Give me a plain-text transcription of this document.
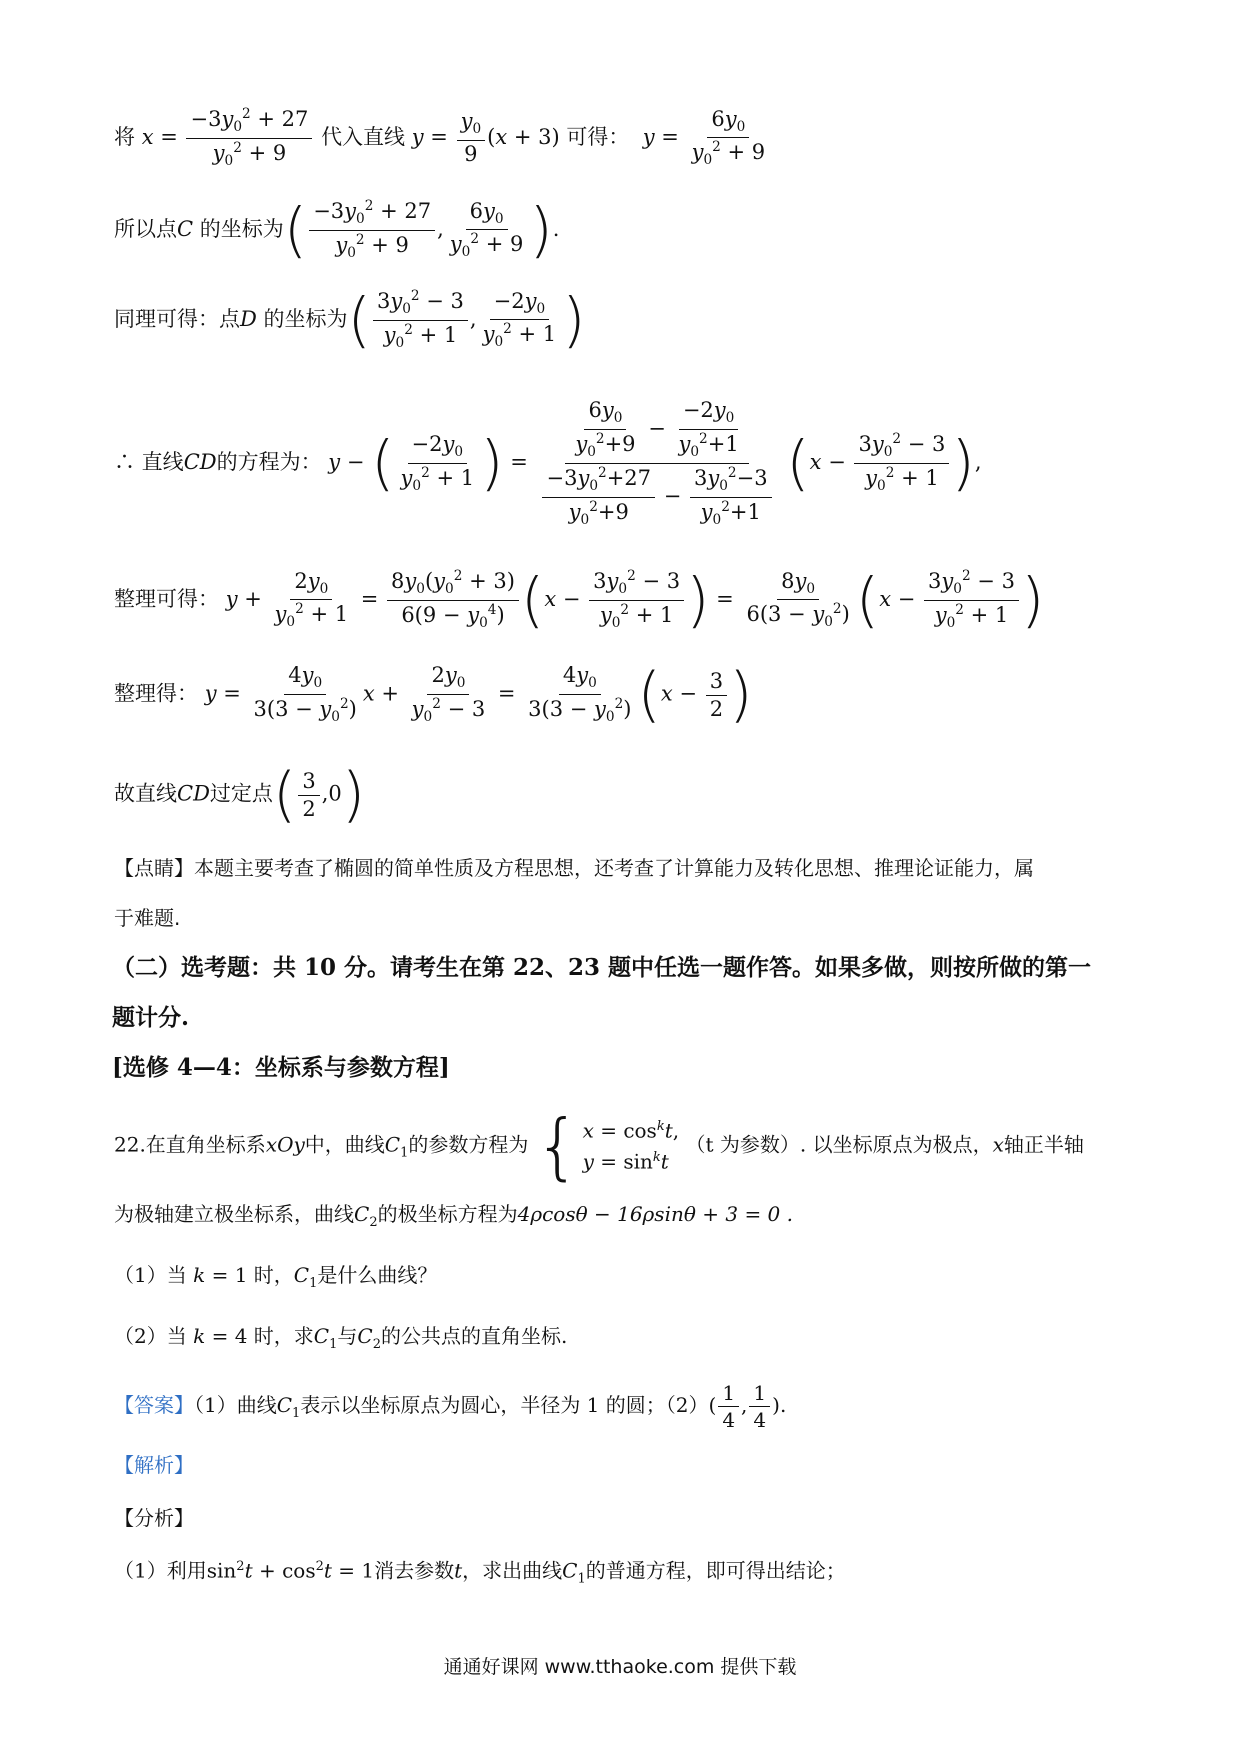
将 $x = \frac{-3y_0^2 + 27}{y_0^2 + 9}$ 代入直线 $y = \frac{y_0}{9} (x + 3)$ 可得： $y = \frac{6y_0}{y_0^2 + 9}$
所以点C 的坐标为( $\frac{-3y_0^2 + 27}{y_0^2 + 9}$ , $\frac{6y_0}{y_0^2 + 9}$ ).
同理可得：点D 的坐标为( $\frac{3y_0^2 - 3}{y_0^2 + 1}$ , $\frac{-2y_0}{y_0^2 + 1}$ )
∴ 直线CD的方程为： y − ( $\frac{-2y_0}{y_0^2 + 1}$ ) = $\frac{\frac{6y_0}{y_0^2+9} - \frac{-2y_0}{y_0^2+1}}{\frac{-3y_0^2+27}{y_0^2+9} - \frac{3y_0^2-3}{y_0^2+1}} (x - \frac{3y_0^2 - 3}{y_0^2 + 1}$ ),
整理可得： $y + \frac{2y_0}{y_0^2 + 1} = \frac{8y_0(y_0^2 + 3)}{6(9 - y_0^4)} (x - \frac{3y_0^2 - 3}{y_0^2 + 1}$ ) = $\frac{8y_0}{6(3 - y_0^2)} (x - \frac{3y_0^2 - 3}{y_0^2 + 1}$ )
整理得： $y = \frac{4y_0}{3(3 - y_0^2)}$ $x + \frac{2y_0}{y_0^2 - 3} = \frac{4y_0}{3(3 - y_0^2)} (x - \frac{3}{2}$ )
故直线CD过定点( $\frac{3}{2} ,0$)
【点睛】本题主要考查了椭圆的简单性质及方程思想，还考查了计算能力及转化思想、推理论证能力，属
于难题.
（二）选考题：共 10 分。请考生在第 22、23 题中任选一题作答。如果多做，则按所做的第一
题计分.
[选修 4—4：坐标系与参数方程]
22.在直角坐标系xOy中，曲线$C_1$的参数方程为 { $x = \cos^kt$,
$y = \sin^kt$
（t 为参数）. 以坐标原点为极点，x轴正半轴
为极轴建立极坐标系，曲线$C_2$的极坐标方程为4ρcosθ − 16ρsinθ + 3 = 0 .
（1）当 k = 1 时，$C_1$是什么曲线？
（2）当 k = 4 时，求$C_1$与$C_2$的公共点的直角坐标.
【答案】（1）曲线$C_1$表示以坐标原点为圆心，半径为 1 的圆；$(2)( \frac{1}{4}$ , $\frac{1}{4}$ ).
【解析】
【分析】
（1）利用$\sin^2t + \cos^2t = 1$消去参数t，求出曲线$C_1$的普通方程，即可得出结论；
通通好课网 www.tthaoke.com 提供下载
